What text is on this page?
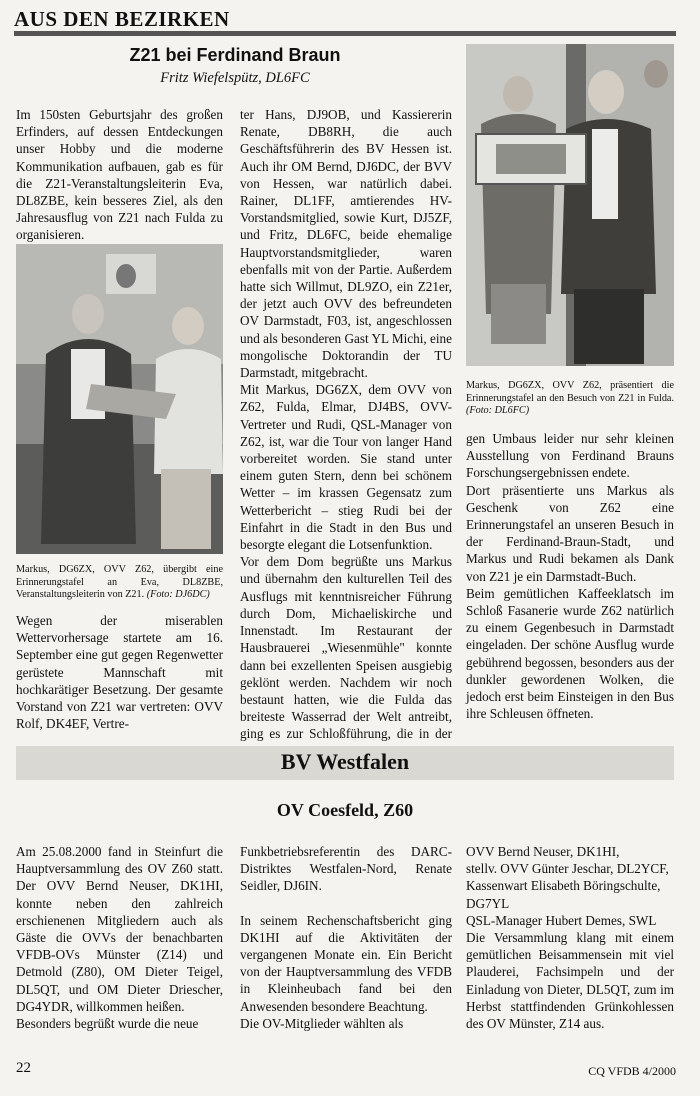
AUS DEN BEZIRKEN
Z21 bei Ferdinand Braun
Fritz Wiefelspütz, DL6FC

Im 150sten Geburtsjahr des großen Erfinders, auf dessen Entdeckungen unser Hobby und die moderne Kommunikation aufbauen, gab es für die Z21-Veranstaltungsleiterin Eva, DL8ZBE, kein besseres Ziel, als den Jahresausflug von Z21 nach Fulda zu organisieren.

Markus, DG6ZX, OVV Z62, übergibt eine Erinnerungstafel an Eva, DL8ZBE, Veranstaltungsleiterin von Z21. (Foto: DJ6DC)

Wegen der miserablen Wettervorhersage startete am 16. September eine gut gegen Regenwetter gerüstete Mannschaft mit hochkarätiger Besetzung. Der gesamte Vorstand von Z21 war vertreten: OVV Rolf, DK4EF, Vertre-

ter Hans, DJ9OB, und Kassiererin Renate, DB8RH, die auch Geschäftsführerin des BV Hessen ist. Auch ihr OM Bernd, DJ6DC, der BVV von Hessen, war natürlich dabei. Rainer, DL1FF, amtierendes HV-Vorstandsmitglied, sowie Kurt, DJ5ZF, und Fritz, DL6FC, beide ehemalige Hauptvorstandsmitglieder, waren ebenfalls mit von der Partie. Außerdem hatte sich Willmut, DL9ZO, ein Z21er, der jetzt auch OVV des befreundeten OV Darmstadt, F03, ist, angeschlossen und als besonderen Gast YL Michi, eine mongolische Doktorandin der TU Darmstadt, mitgebracht.

Mit Markus, DG6ZX, dem OVV von Z62, Fulda, Elmar, DJ4BS, OVV-Vertreter und Rudi, QSL-Manager von Z62, ist, war die Tour von langer Hand vorbereitet worden. Sie stand unter einem guten Stern, denn bei schönem Wetter – im krassen Gegensatz zum Wetterbericht – stieg Rudi bei der Einfahrt in die Stadt in den Bus und besorgte elegant die Lotsenfunktion.

Vor dem Dom begrüßte uns Markus und übernahm den kulturellen Teil des Ausflugs mit kenntnisreicher Führung durch Dom, Michaeliskirche und Innenstadt. Im Restaurant der Hausbrauerei „Wiesenmühle" konnte dann bei exzellenten Speisen ausgiebig geklönt werden. Nachdem wir noch bestaunt hatten, wie die Fulda das breiteste Wasserrad der Welt antreibt, ging es zur Schloßführung, die in der

Markus, DG6ZX, OVV Z62, präsentiert die Erinnerungstafel an den Besuch von Z21 in Fulda. (Foto: DL6FC)

gen Umbaus leider nur sehr kleinen Ausstellung von Ferdinand Brauns Forschungsergebnissen endete.

Dort präsentierte uns Markus als Geschenk von Z62 eine Erinnerungstafel an unseren Besuch in der Ferdinand-Braun-Stadt, und Markus und Rudi bekamen als Dank von Z21 je ein Darmstadt-Buch.

Beim gemütlichen Kaffeeklatsch im Schloß Fasanerie wurde Z62 natürlich zu einem Gegenbesuch in Darmstadt eingeladen. Der schöne Ausflug wurde gebührend begossen, besonders aus der dunkler gewordenen Wolken, die jedoch erst beim Einsteigen in den Bus ihre Schleusen öffneten.

BV Westfalen
OV Coesfeld, Z60

Am 25.08.2000 fand in Steinfurt die Hauptversammlung des OV Z60 statt. Der OVV Bernd Neuser, DK1HI, konnte neben den zahlreich erschienenen Mitgliedern auch als Gäste die OVVs der benachbarten VFDB-OVs Münster (Z14) und Detmold (Z80), OM Dieter Teigel, DL5QT, und OM Dieter Driescher, DG4YDR, willkommen heißen.

Besonders begrüßt wurde die neue

Funkbetriebsreferentin des DARC-Distriktes Westfalen-Nord, Renate Seidler, DJ6IN.

In seinem Rechenschaftsbericht ging DK1HI auf die Aktivitäten der vergangenen Monate ein. Ein Bericht von der Hauptversammlung des VFDB in Kleinheubach fand bei den Anwesenden besondere Beachtung.

Die OV-Mitglieder wählten als

OVV Bernd Neuser, DK1HI,

stellv. OVV Günter Jeschar, DL2YCF,

Kassenwart Elisabeth Böringschulte, DG7YL

QSL-Manager Hubert Demes, SWL

Die Versammlung klang mit einem gemütlichen Beisammensein mit viel Plauderei, Fachsimpeln und der Einladung von Dieter, DL5QT, zum im Herbst stattfindenden Grünkohlessen des OV Münster, Z14 aus.

22	CQ VFDB 4/2000
